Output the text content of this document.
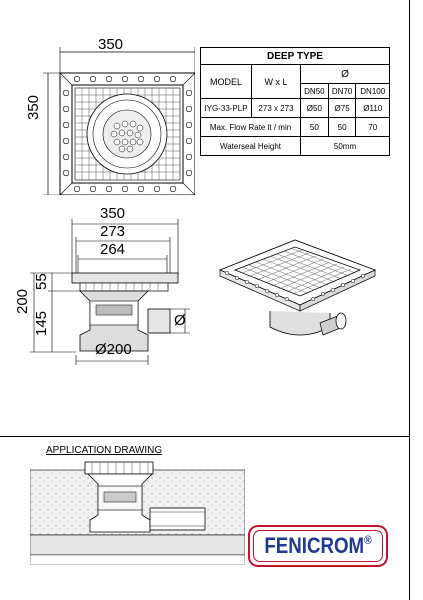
350
350
DEEP TYPE				
MODEL	W x L	Ø		
		DN50	DN70	DN100
IYG-33-PLP	273 x 273	Ø50	Ø75	Ø110
Max. Flow Rate lt / min		50	50	70
Waterseal Height		50mm		
350
273
264
200
55
145	Ø
Ø200
APPLICATION DRAWING
FENICROM®
